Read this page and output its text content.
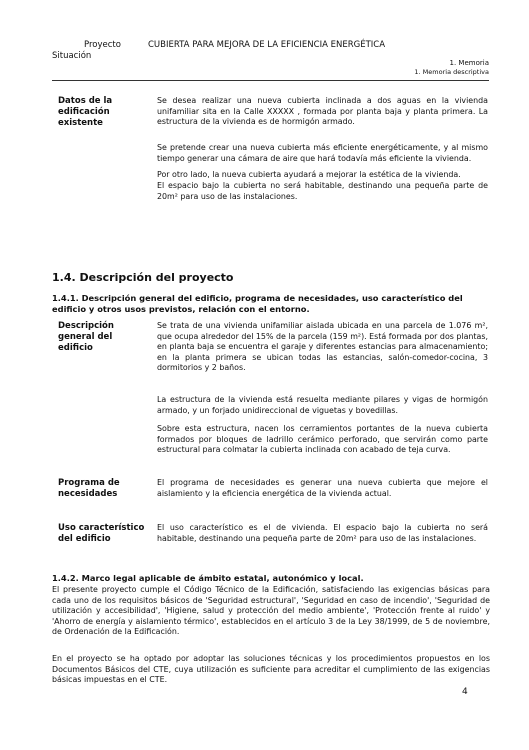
Proyecto	CUBIERTA PARA MEJORA DE LA EFICIENCIA ENERGÉTICA
Situación
1. Memoria
1. Memoria descriptiva
Datos de la edificación existente
Se desea realizar una nueva cubierta inclinada a dos aguas en la vivienda unifamiliar sita en la Calle XXXXX , formada por planta baja y planta primera. La estructura de la vivienda es de hormigón armado.
Se pretende crear una nueva cubierta más eficiente energéticamente, y al mismo tiempo generar una cámara de aire que hará todavía más eficiente la vivienda.
Por otro lado, la nueva cubierta ayudará a mejorar la estética de la vivienda.
El espacio bajo la cubierta no será habitable, destinando una pequeña parte de 20m² para uso de las instalaciones.
1.4. Descripción del proyecto
1.4.1. Descripción general del edificio, programa de necesidades, uso característico del edificio y otros usos previstos, relación con el entorno.
Descripción general del edificio
Se trata de una vivienda unifamiliar aislada ubicada en una parcela de 1.076 m², que ocupa alrededor del 15% de la parcela (159 m²). Está formada por dos plantas, en planta baja se encuentra el garaje y diferentes estancias para almacenamiento; en la planta primera se ubican todas las estancias, salón-comedor-cocina, 3 dormitorios y 2 baños.
La estructura de la vivienda está resuelta mediante pilares y vigas de hormigón armado, y un forjado unidireccional de viguetas y bovedillas.
Sobre esta estructura, nacen los cerramientos portantes de la nueva cubierta formados por bloques de ladrillo cerámico perforado, que servirán como parte estructural para colmatar la cubierta inclinada con acabado de teja curva.
Programa de necesidades
El programa de necesidades es generar una nueva cubierta que mejore el aislamiento y la eficiencia energética de la vivienda actual.
Uso característico del edificio
El uso característico es el de vivienda. El espacio bajo la cubierta no será habitable, destinando una pequeña parte de 20m² para uso de las instalaciones.
1.4.2. Marco legal aplicable de ámbito estatal, autonómico y local.
El presente proyecto cumple el Código Técnico de la Edificación, satisfaciendo las exigencias básicas para cada uno de los requisitos básicos de 'Seguridad estructural', 'Seguridad en caso de incendio', 'Seguridad de utilización y accesibilidad', 'Higiene, salud y protección del medio ambiente', 'Protección frente al ruido' y 'Ahorro de energía y aislamiento térmico', establecidos en el artículo 3 de la Ley 38/1999, de 5 de noviembre, de Ordenación de la Edificación.
En el proyecto se ha optado por adoptar las soluciones técnicas y los procedimientos propuestos en los Documentos Básicos del CTE, cuya utilización es suficiente para acreditar el cumplimiento de las exigencias básicas impuestas en el CTE.
4
